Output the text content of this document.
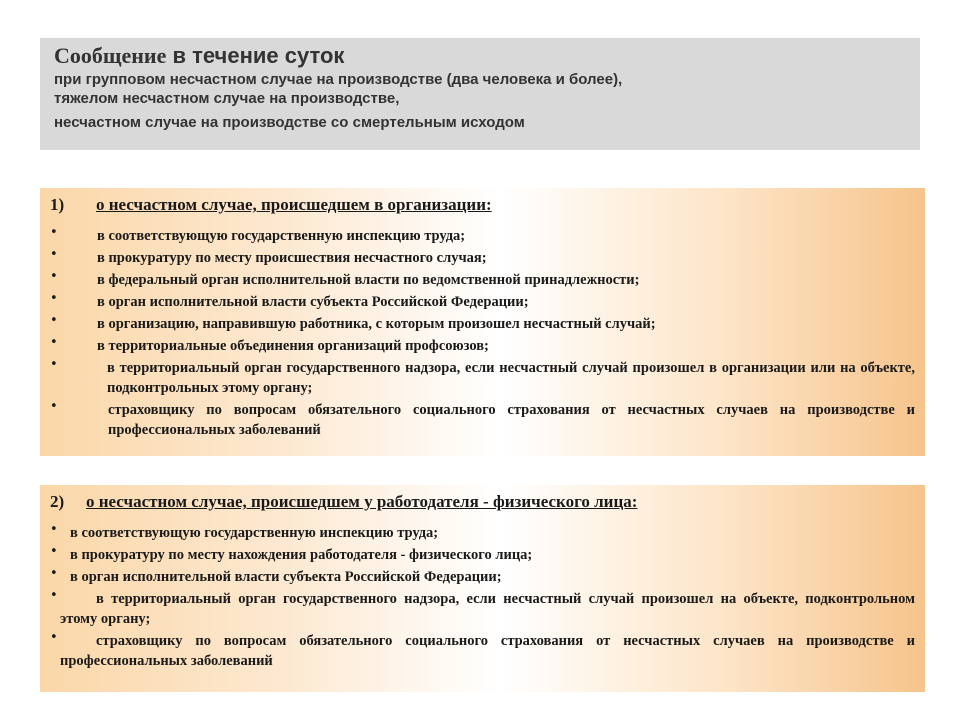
Сообщение в течение суток

при групповом несчастном случае на производстве (два человека и более),

тяжелом несчастном случае на производстве,

несчастном случае на производстве со смертельным исходом

1) о несчастном случае, происшедшем в организации:

•	в соответствующую государственную инспекцию труда;
•	в прокуратуру по месту происшествия несчастного случая;
•	в федеральный орган исполнительной власти по ведомственной принадлежности;
•	в орган исполнительной власти субъекта Российской Федерации;
•	в организацию, направившую работника, с которым произошел несчастный случай;
•	в территориальные объединения организаций профсоюзов;
•	в территориальный орган государственного надзора, если несчастный случай произошел в организации или на объекте, подконтрольных этому органу;
•	страховщику по вопросам обязательного социального страхования от несчастных случаев на производстве и профессиональных заболеваний

2) о несчастном случае, происшедшем у работодателя - физического лица:

• в соответствующую государственную инспекцию труда;
• в прокуратуру по месту нахождения работодателя - физического лица;
• в орган исполнительной власти субъекта Российской Федерации;
•	в территориальный орган государственного надзора, если несчастный случай произошел на объекте, подконтрольном этому органу;
•	страховщику по вопросам обязательного социального страхования от несчастных случаев на производстве и профессиональных заболеваний
